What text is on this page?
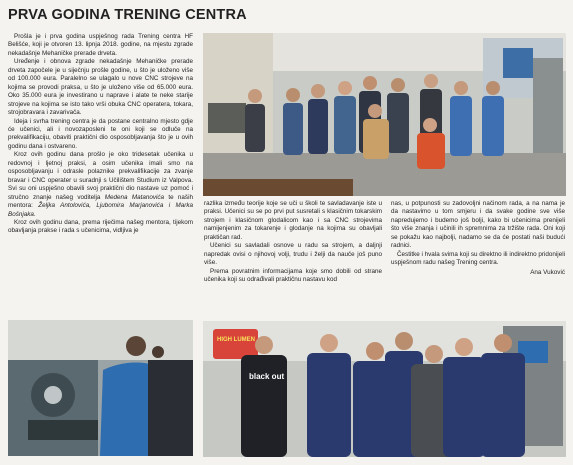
PRVA GODINA TRENING CENTRA

Prošla je i prva godina uspješnog rada Trening centra HF Belišće, koji je otvoren 13. lipnja 2018. godine, na mjestu zgrade nekadašnje Mehaničke prerade drveta.

Uređenje i obnova zgrade nekadašnje Mehaničke prerade drveta započele je u siječnju prošle godine, u što je uloženo više od 100.000 eura. Paralelno se ulagalo u nove CNC strojeve na kojima se provodi praksa, u što je uloženo više od 65.000 eura. Oko 35.000 eura je investirano u naprave i alate te neke starije strojeve na kojima se isto tako vrši obuka CNC operatera, tokara, strojobravara i zavarivača.

Ideja i svrha trening centra je da postane centralno mjesto gdje će učenici, ali i novozaposleni te oni koji se odluče na prekvalifikaciju, obaviti praktični dio osposobljavanja što je u ovih godinu dana i ostvareno.

Kroz ovih godinu dana prošlo je oko tridesetak učenika u redovnoj i ljetnoj praksi, a osim učenika imali smo na osposobljavanju i odrasle polaznike prekvalifikacije za zvanje bravar i CNC operater u suradnji s Učilištem Studium iz Valpova. Svi su oni uspješno obavili svoj praktični dio nastave uz pomoć i stručno znanje našeg voditelja Medena Matanovića te naših mentora: Željka Antolovića, Ljubomira Marjanovića i Marka Bošnjaka.

Kroz ovih godinu dana, prema riječima našeg mentora, tijekom obavljanja prakse i rada s učenicima, vidljiva je

razlika između teorije koje se uči u školi te savladavanje iste u praksi. Učenici su se po prvi put susretali s klasičnim tokarskim strojem i klasičnom glodalicom kao i sa CNC strojevima namijenjenim za tokarenje i glodanje na kojima su obavljali praktičan rad.

Učenici su savladali osnove u radu sa strojem, a daljnji napredak ovisi o njihovoj volji, trudu i želji da nauče još puno više.

Prema povratnim informacijama koje smo dobili od strane učenika koji su odrađivali praktičnu nastavu kod

nas, u potpunosti su zadovoljni načinom rada, a na nama je da nastavimo u tom smjeru i da svake godine sve više napredujemo i budemo još bolji, kako bi učenicima prenijeli što više znanja i učinili ih spremnima za tržište rada. Oni koji se pokažu kao najbolji, nadamo se da će postati naši budući radnici.

Čestitke i hvala svima koji su direktno ili indirektno pridonijeli uspješnom radu našeg Trening centra.

Ana Vuković

HIGH LUMEN
black out
